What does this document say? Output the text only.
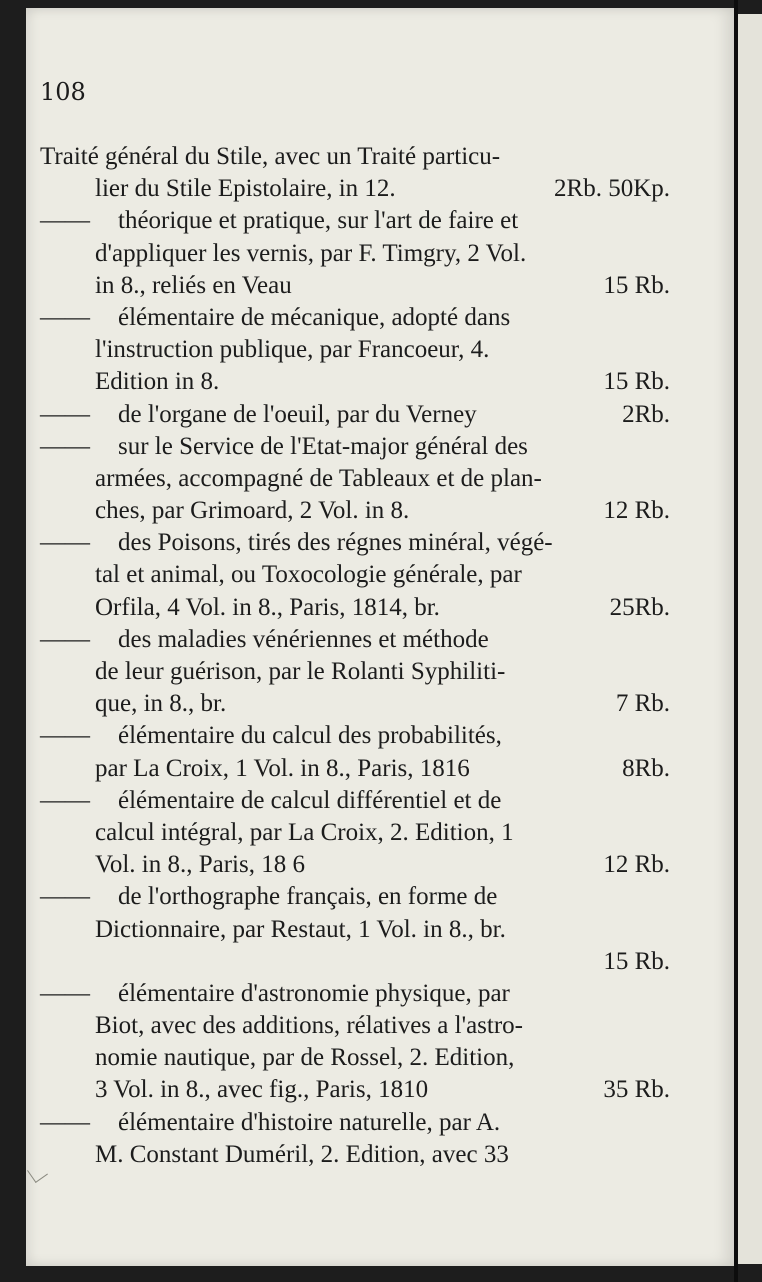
108
Traité général du Stile, avec un Traité particu-
lier du Stile Epistolaire, in 12.	2Rb. 50Kp.
—— théorique et pratique, sur l'art de faire et
d'appliquer les vernis, par F. Timgry, 2 Vol.
in 8., reliés en Veau	15 Rb.
—— élémentaire de mécanique, adopté dans
l'instruction publique, par Francoeur, 4.
Edition in 8.	15 Rb.
—— de l'organe de l'oeuil, par du Verney	2Rb.
—— sur le Service de l'Etat-major général des
armées, accompagné de Tableaux et de plan-
ches, par Grimoard, 2 Vol. in 8.	12 Rb.
—— des Poisons, tirés des régnes minéral, végé-
tal et animal, ou Toxocologie générale, par
Orfila, 4 Vol. in 8., Paris, 1814, br.	25Rb.
—— des maladies vénériennes et méthode
de leur guérison, par le Rolanti Syphiliti-
que, in 8., br.	7 Rb.
—— élémentaire du calcul des probabilités,
par La Croix, 1 Vol. in 8., Paris, 1816	8Rb.
—— élémentaire de calcul différentiel et de
calcul intégral, par La Croix, 2. Edition, 1
Vol. in 8., Paris, 18 6	12 Rb.
—— de l'orthographe français, en forme de
Dictionnaire, par Restaut, 1 Vol. in 8., br.
15 Rb.
—— élémentaire d'astronomie physique, par
Biot, avec des additions, rélatives a l'astro-
nomie nautique, par de Rossel, 2. Edition,
3 Vol. in 8., avec fig., Paris, 1810	35 Rb.
—— élémentaire d'histoire naturelle, par A.
M. Constant Duméril, 2. Edition, avec 33
